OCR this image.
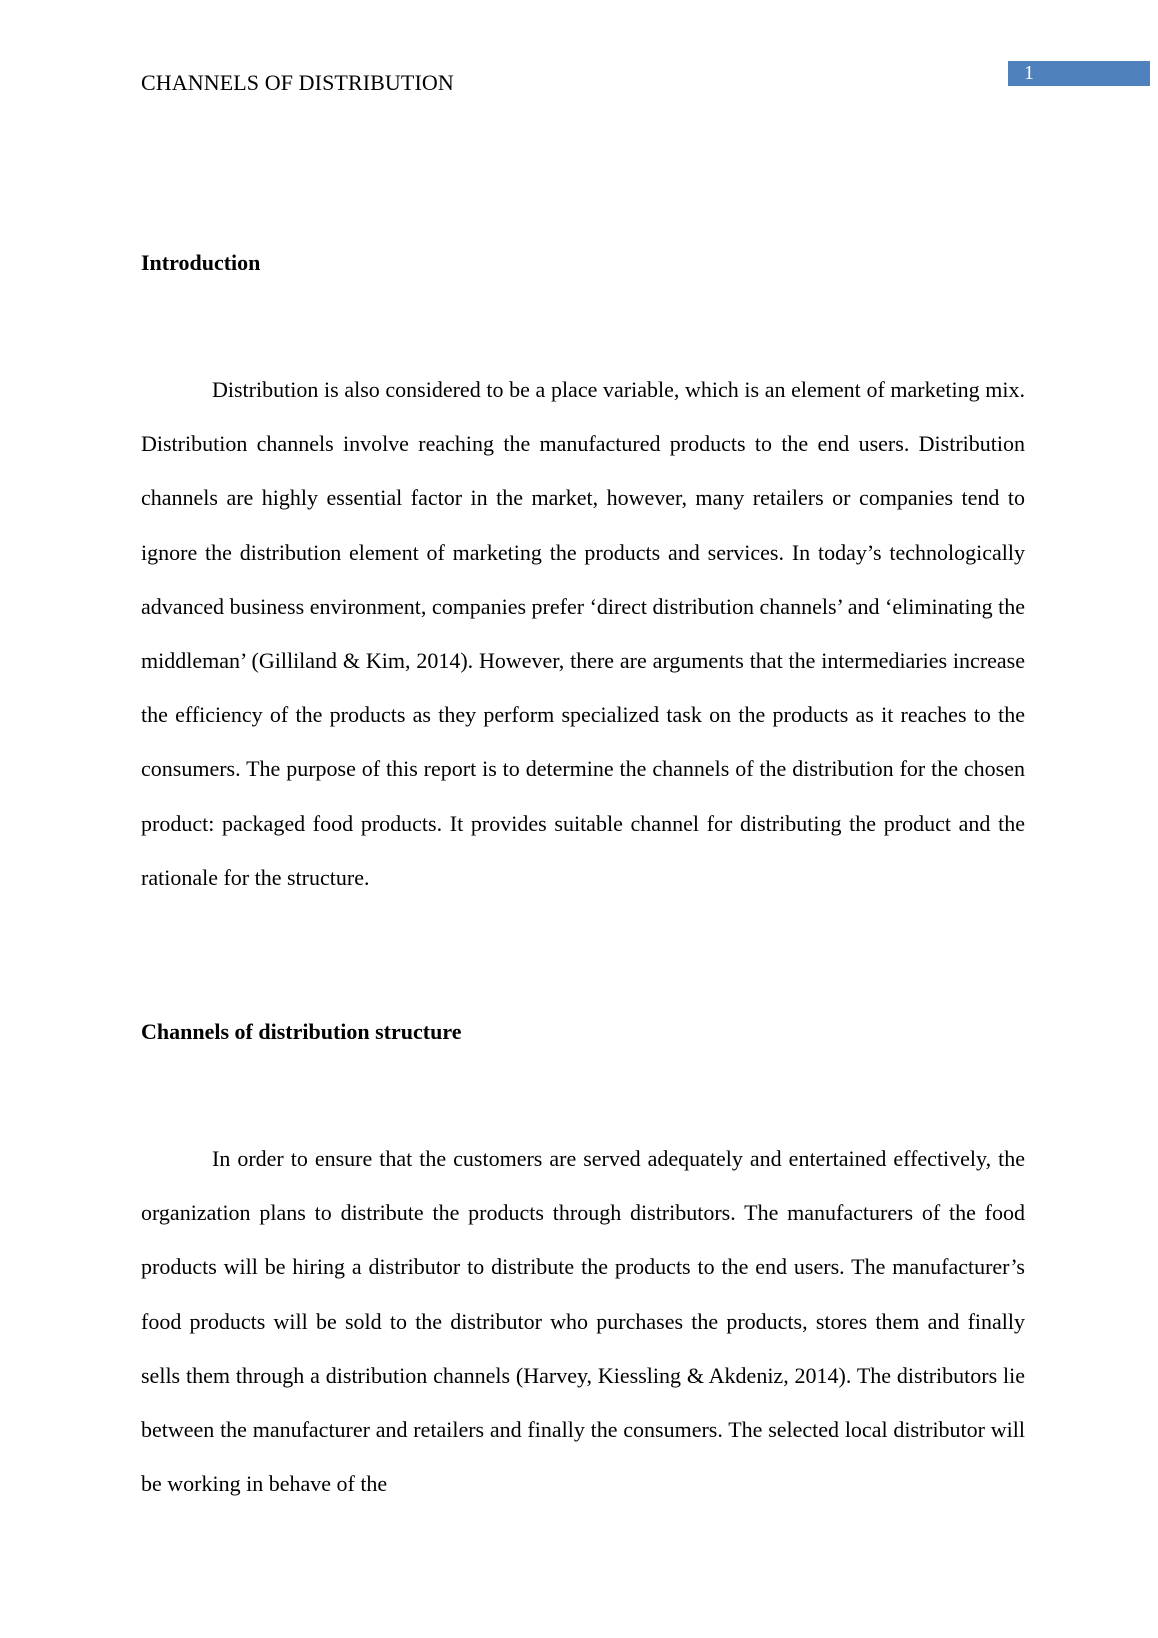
CHANNELS OF DISTRIBUTION	1
Introduction

Distribution is also considered to be a place variable, which is an element of marketing mix. Distribution channels involve reaching the manufactured products to the end users. Distribution channels are highly essential factor in the market, however, many retailers or companies tend to ignore the distribution element of marketing the products and services. In today’s technologically advanced business environment, companies prefer ‘direct distribution channels’ and ‘eliminating the middleman’ (Gilliland & Kim, 2014). However, there are arguments that the intermediaries increase the efficiency of the products as they perform specialized task on the products as it reaches to the consumers. The purpose of this report is to determine the channels of the distribution for the chosen product: packaged food products. It provides suitable channel for distributing the product and the rationale for the structure.

Channels of distribution structure

In order to ensure that the customers are served adequately and entertained effectively, the organization plans to distribute the products through distributors. The manufacturers of the food products will be hiring a distributor to distribute the products to the end users. The manufacturer’s food products will be sold to the distributor who purchases the products, stores them and finally sells them through a distribution channels (Harvey, Kiessling & Akdeniz, 2014). The distributors lie between the manufacturer and retailers and finally the consumers. The selected local distributor will be working in behave of the
